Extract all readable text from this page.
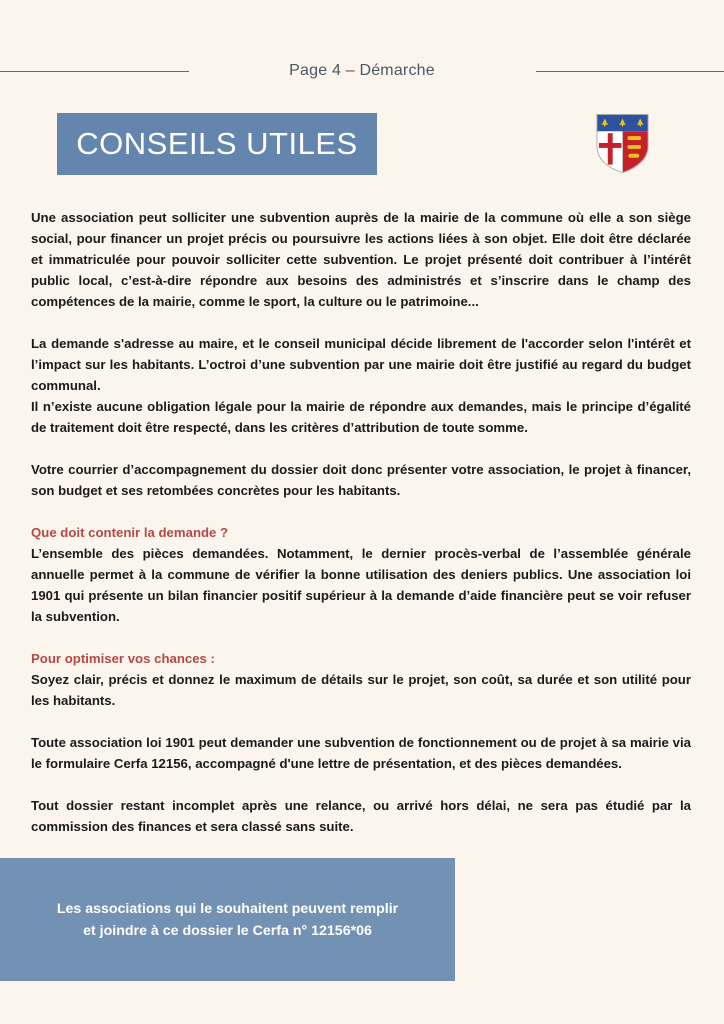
Page 4 – Démarche
CONSEILS UTILES

Une association peut solliciter une subvention auprès de la mairie de la commune où elle a son siège social, pour financer un projet précis ou poursuivre les actions liées à son objet. Elle doit être déclarée et immatriculée pour pouvoir solliciter cette subvention. Le projet présenté doit contribuer à l’intérêt public local, c’est-à-dire répondre aux besoins des administrés et s’inscrire dans le champ des compétences de la mairie, comme le sport, la culture ou le patrimoine...

La demande s'adresse au maire, et le conseil municipal décide librement de l'accorder selon l'intérêt et l’impact sur les habitants. L’octroi d’une subvention par une mairie doit être justifié au regard du budget communal.

Il n’existe aucune obligation légale pour la mairie de répondre aux demandes, mais le principe d’égalité de traitement doit être respecté, dans les critères d’attribution de toute somme.

Votre courrier d’accompagnement du dossier doit donc présenter votre association, le projet à financer, son budget et ses retombées concrètes pour les habitants.

Que doit contenir la demande ?

L’ensemble des pièces demandées. Notamment, le dernier procès-verbal de l’assemblée générale annuelle permet à la commune de vérifier la bonne utilisation des deniers publics. Une association loi 1901 qui présente un bilan financier positif supérieur à la demande d’aide financière peut se voir refuser la subvention.

Pour optimiser vos chances :

Soyez clair, précis et donnez le maximum de détails sur le projet, son coût, sa durée et son utilité pour les habitants.

Toute association loi 1901 peut demander une subvention de fonctionnement ou de projet à sa mairie via le formulaire Cerfa 12156, accompagné d'une lettre de présentation, et des pièces demandées.

Tout dossier restant incomplet après une relance, ou arrivé hors délai, ne sera pas étudié par la commission des finances et sera classé sans suite.

Les associations qui le souhaitent peuvent remplir
et joindre à ce dossier le Cerfa n° 12156*06
